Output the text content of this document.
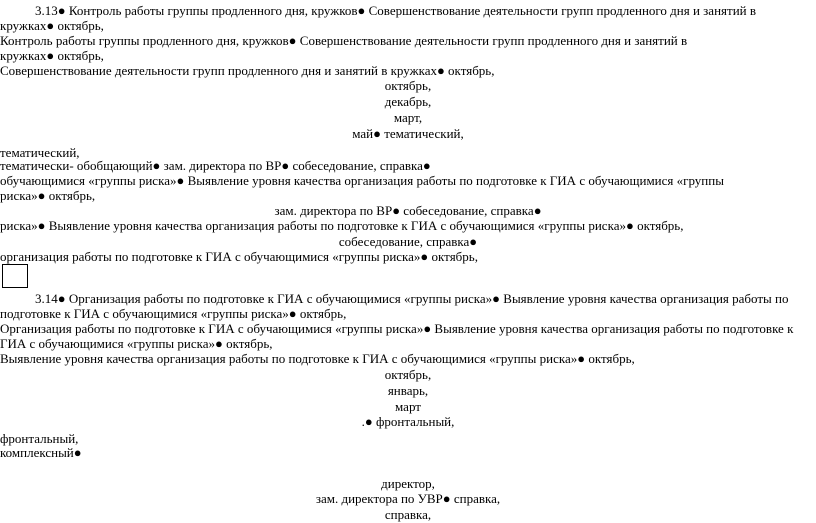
3.13● Контроль работы группы продленного дня, кружков● Совершенствование деятельности групп продленного дня и занятий в
кружках● октябрь,
Контроль работы группы продленного дня, кружков● Совершенствование деятельности групп продленного дня и занятий в
кружках● октябрь,
Совершенствование деятельности групп продленного дня и занятий в кружках● октябрь,
октябрь,
декабрь,
март,
май● тематический,
тематический,
тематически- обобщающий● зам. директора по ВР● собеседование, справка●
обучающимися «группы риска»● Выявление уровня качества организация работы по подготовке к ГИА с обучающимися «группы
риска»● октябрь,
зам. директора по ВР● собеседование, справка●
риска»● Выявление уровня качества организация работы по подготовке к ГИА с обучающимися «группы риска»● октябрь,
собеседование, справка●
организация работы по подготовке к ГИА с обучающимися «группы риска»● октябрь,
3.14● Организация работы по подготовке к ГИА с обучающимися «группы риска»● Выявление уровня качества организация работы по
подготовке к ГИА с обучающимися «группы риска»● октябрь,
Организация работы по подготовке к ГИА с обучающимися «группы риска»● Выявление уровня качества организация работы по подготовке к
ГИА с обучающимися «группы риска»● октябрь,
Выявление уровня качества организация работы по подготовке к ГИА с обучающимися «группы риска»● октябрь,
октябрь,
январь,
март
.● фронтальный,
фронтальный,
комплексный●
директор,
зам. директора по УВР● справка,
справка,
